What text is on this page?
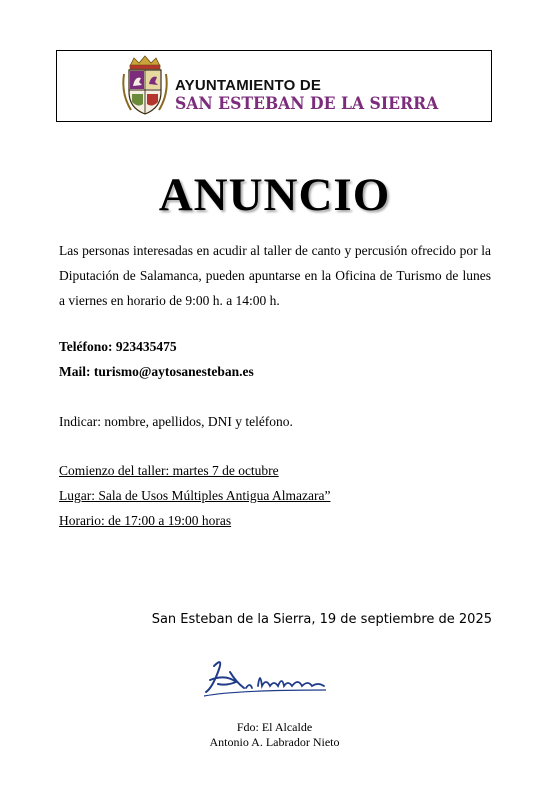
AYUNTAMIENTO DE
SAN ESTEBAN DE LA SIERRA
ANUNCIO

Las personas interesadas en acudir al taller de canto y percusión ofrecido por la Diputación de Salamanca, pueden apuntarse en la Oficina de Turismo de lunes a viernes en horario de 9:00 h. a 14:00 h.

Teléfono: 923435475
Mail: turismo@aytosanesteban.es
Indicar: nombre, apellidos, DNI y teléfono.
Comienzo del taller: martes 7 de octubre
Lugar: Sala de Usos Múltiples Antigua Almazara”
Horario: de 17:00 a 19:00 horas
San Esteban de la Sierra, 19 de septiembre de 2025
Fdo: El Alcalde
Antonio A. Labrador Nieto
